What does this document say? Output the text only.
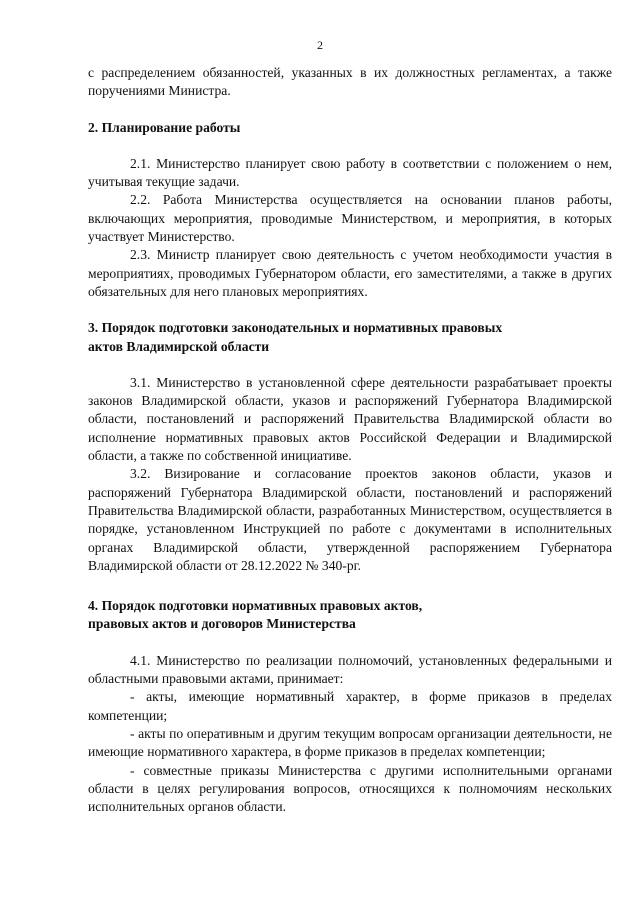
2

с распределением обязанностей, указанных в их должностных регламентах, а также поручениями Министра.

2. Планирование работы

2.1. Министерство планирует свою работу в соответствии с положением о нем, учитывая текущие задачи.

2.2. Работа Министерства осуществляется на основании планов работы, включающих мероприятия, проводимые Министерством, и мероприятия, в которых участвует Министерство.

2.3. Министр планирует свою деятельность с учетом необходимости участия в мероприятиях, проводимых Губернатором области, его заместителями, а также в других обязательных для него плановых мероприятиях.

3. Порядок подготовки законодательных и нормативных правовых

актов Владимирской области

3.1. Министерство в установленной сфере деятельности разрабатывает проекты законов Владимирской области, указов и распоряжений Губернатора Владимирской области, постановлений и распоряжений Правительства Владимирской области во исполнение нормативных правовых актов Российской Федерации и Владимирской области, а также по собственной инициативе.

3.2. Визирование и согласование проектов законов области, указов и распоряжений Губернатора Владимирской области, постановлений и распоряжений Правительства Владимирской области, разработанных Министерством, осуществляется в порядке, установленном Инструкцией по работе с документами в исполнительных органах Владимирской области, утвержденной распоряжением Губернатора Владимирской области от 28.12.2022 № 340-рг.

4. Порядок подготовки нормативных правовых актов,

правовых актов и договоров Министерства

4.1. Министерство по реализации полномочий, установленных федеральными и областными правовыми актами, принимает:

- акты, имеющие нормативный характер, в форме приказов в пределах компетенции;

- акты по оперативным и другим текущим вопросам организации деятельности, не имеющие нормативного характера, в форме приказов в пределах компетенции;

- совместные приказы Министерства с другими исполнительными органами области в целях регулирования вопросов, относящихся к полномочиям нескольких исполнительных органов области.
